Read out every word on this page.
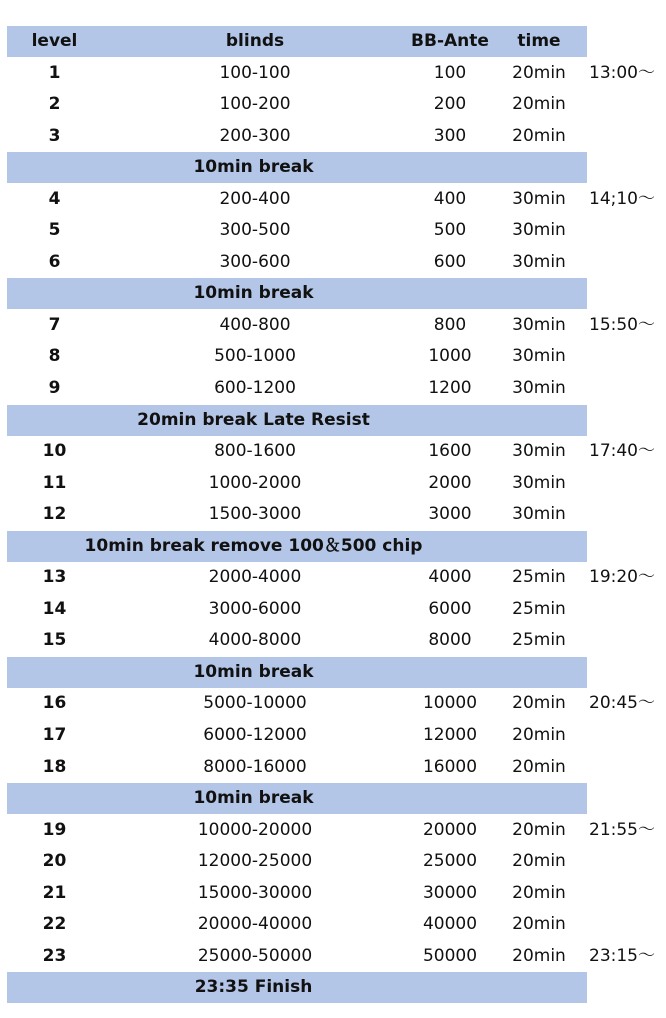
level	blinds	BB-Ante	time
1	100-100	100	20min	13:00～
2	100-200	200	20min
3	200-300	300	20min
10min break
4	200-400	400	30min	14;10～
5	300-500	500	30min
6	300-600	600	30min
10min break
7	400-800	800	30min	15:50～
8	500-1000	1000	30min
9	600-1200	1200	30min
20min break Late Resist
10	800-1600	1600	30min	17:40～
11	1000-2000	2000	30min
12	1500-3000	3000	30min
10min break remove 100＆500 chip
13	2000-4000	4000	25min	19:20～
14	3000-6000	6000	25min
15	4000-8000	8000	25min
10min break
16	5000-10000	10000	20min	20:45～
17	6000-12000	12000	20min
18	8000-16000	16000	20min
10min break
19	10000-20000	20000	20min	21:55～
20	12000-25000	25000	20min
21	15000-30000	30000	20min
22	20000-40000	40000	20min
23	25000-50000	50000	20min	23:15～
23:35 Finish
